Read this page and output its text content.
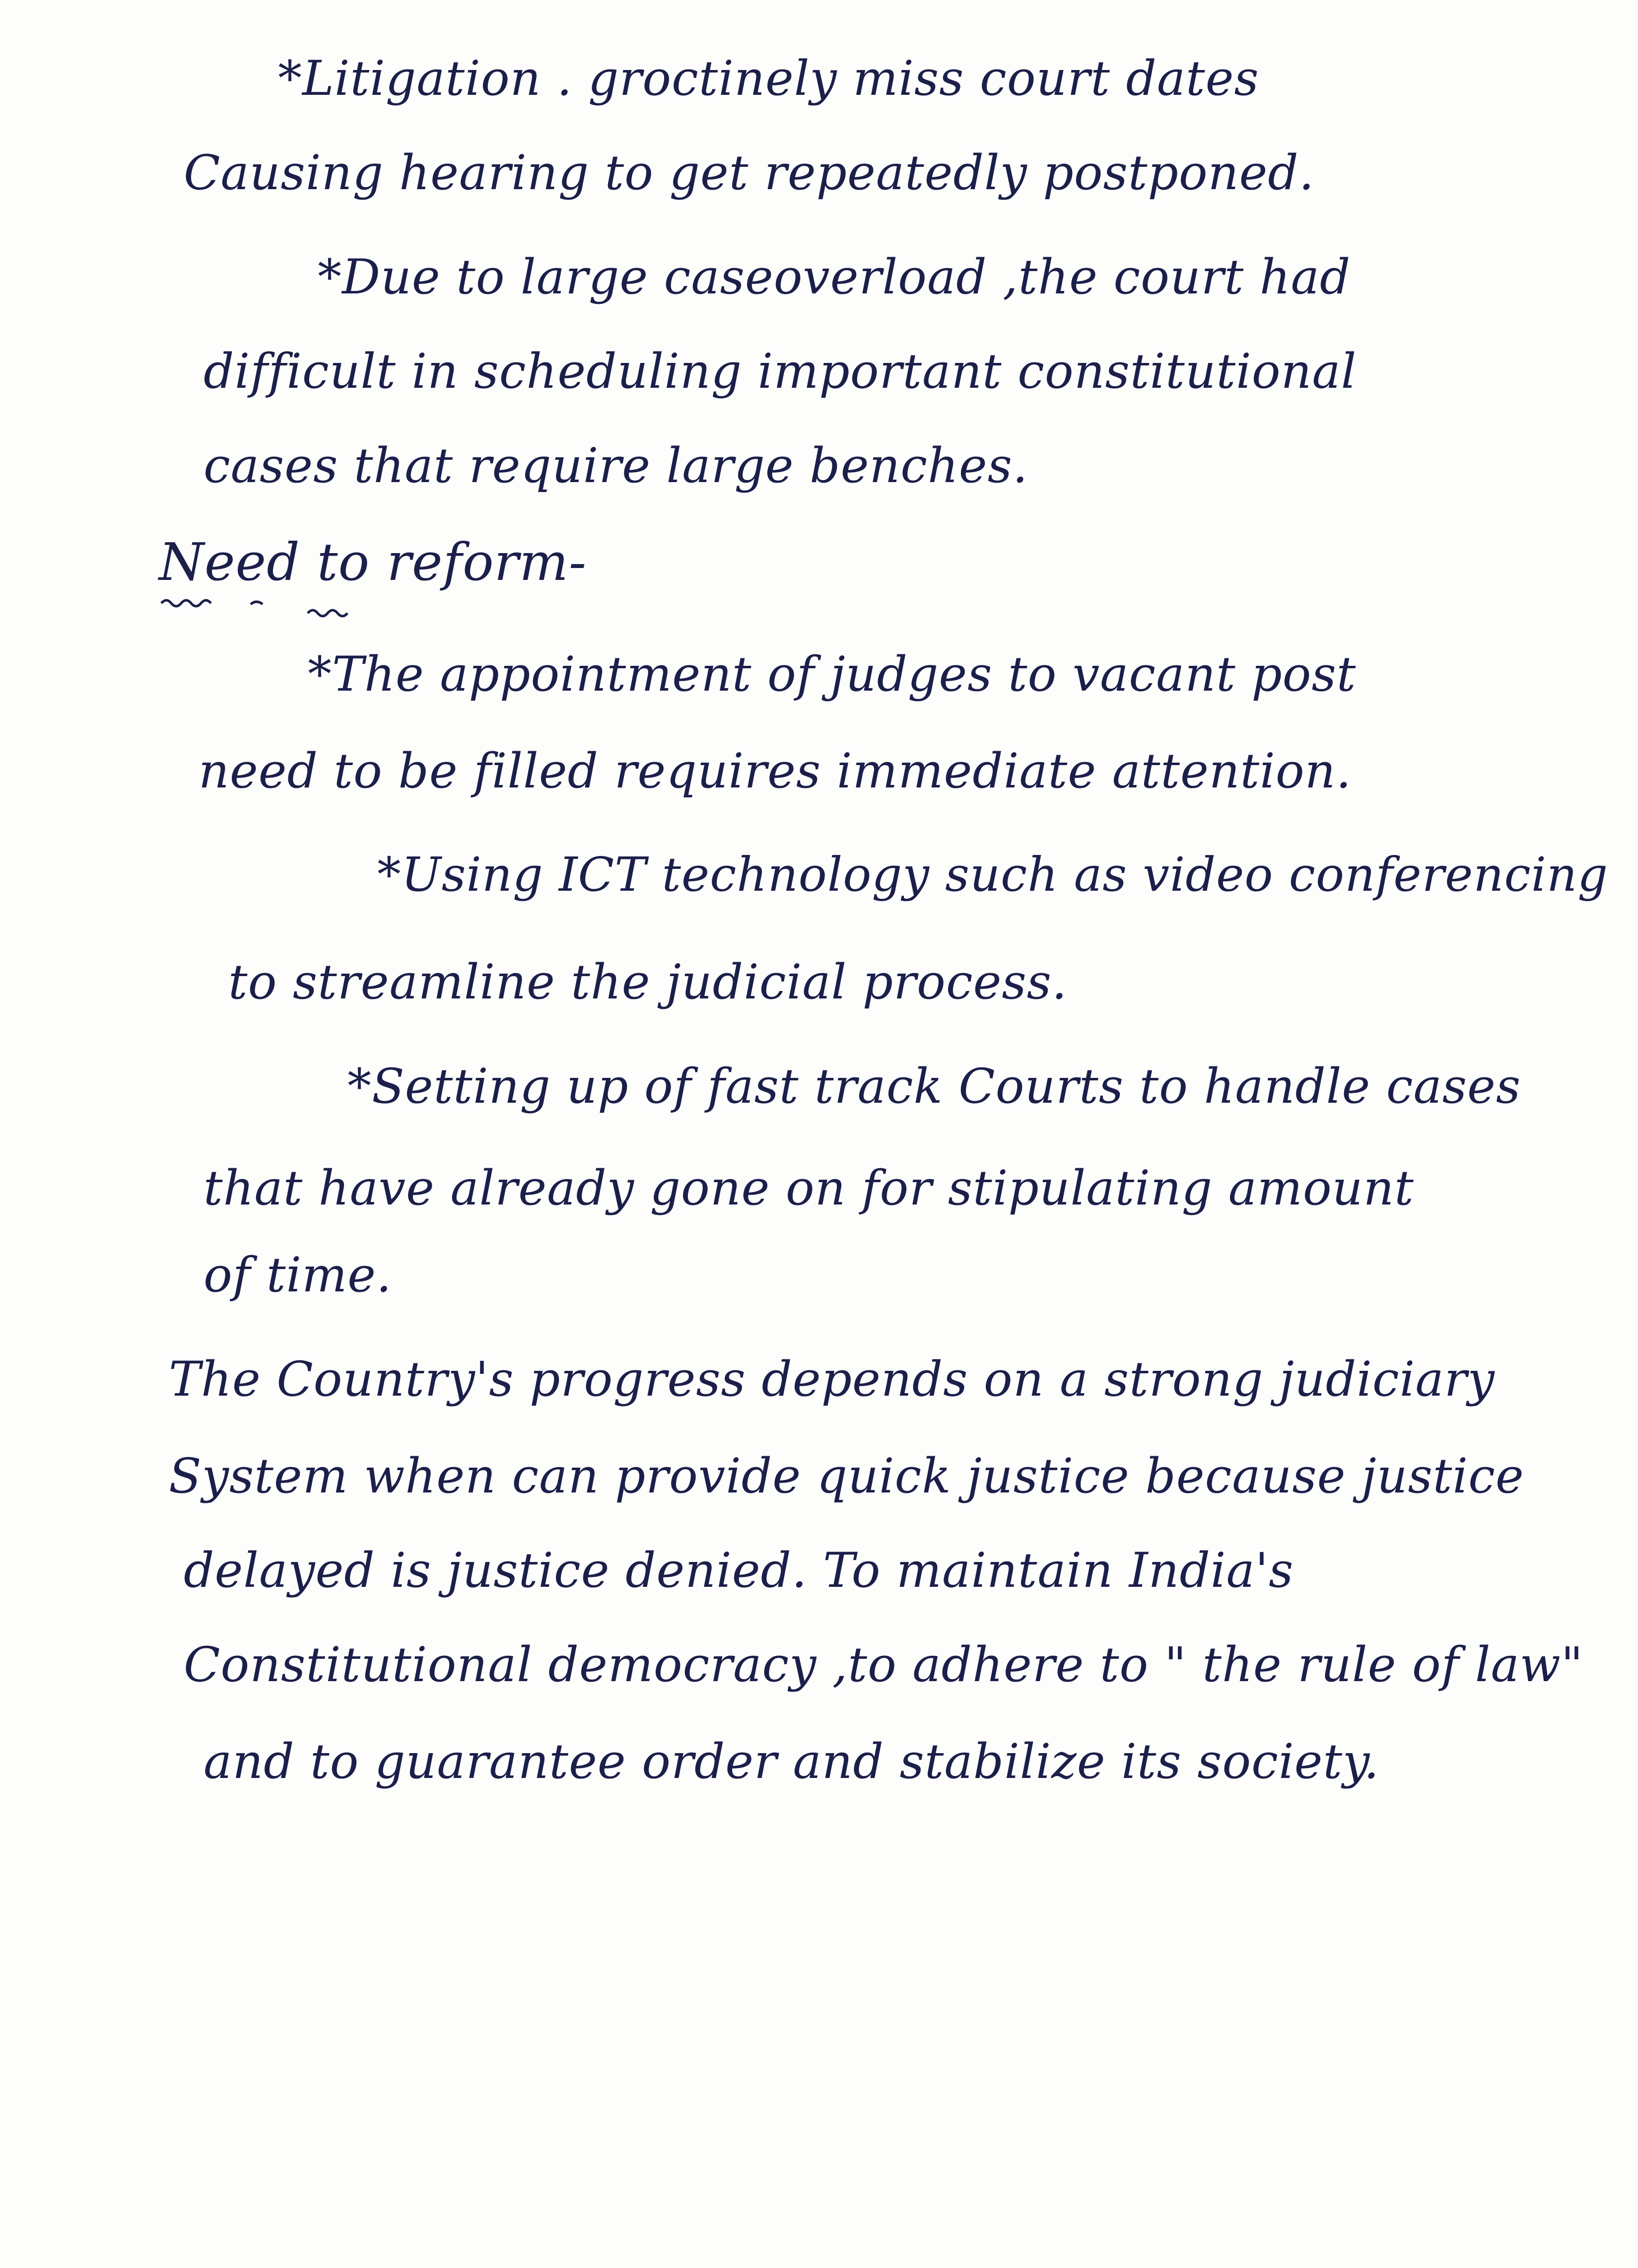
*Litigation . groctinely miss court dates
Causing hearing to get repeatedly postponed.
*Due to large caseoverload ,the court had
difficult in scheduling important constitutional
cases that require large benches.
Need to reform-
*The appointment of judges to vacant post
need to be filled requires immediate attention.
*Using ICT technology such as video conferencing
to streamline the judicial process.
*Setting up of fast track Courts to handle cases
that have already gone on for stipulating amount
of time.
The Country's progress depends on a strong judiciary
System when can provide quick justice because justice
delayed is justice denied. To maintain India's
Constitutional democracy ,to adhere to " the rule of law"
and to guarantee order and stabilize its society.
